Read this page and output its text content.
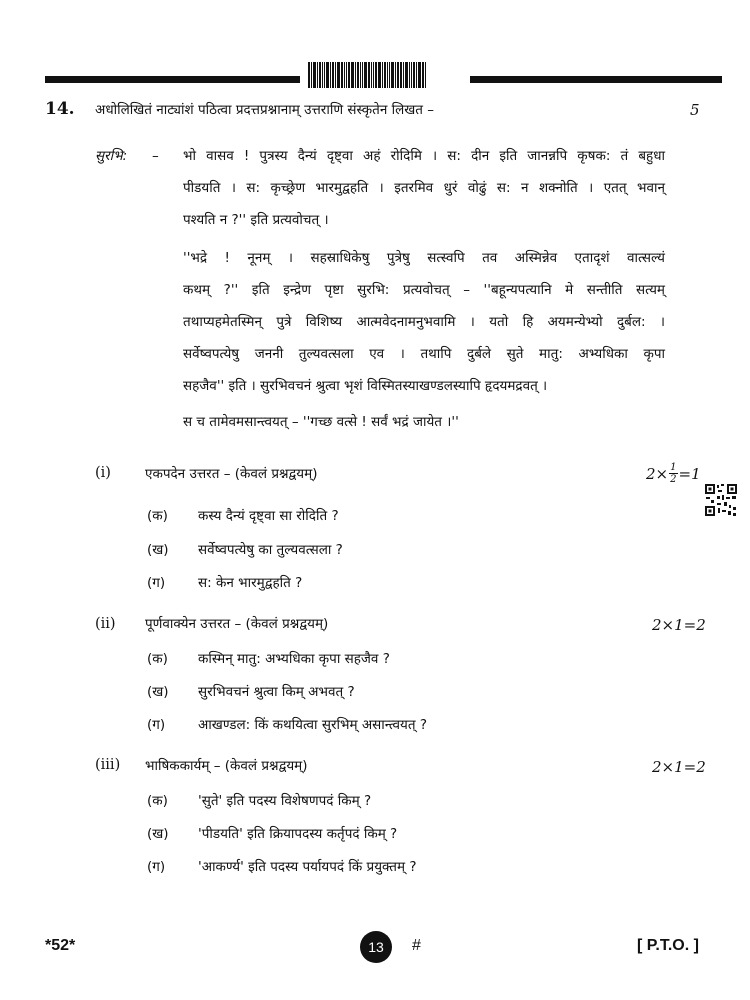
14. अधोलिखितं नाट्यांशं पठित्वा प्रदत्तप्रश्नानाम् उत्तराणि संस्कृतेन लिखत –	5
सुरभि: – भो वासव ! पुत्रस्य दैन्यं दृष्ट्वा अहं रोदिमि । स: दीन इति जानन्नपि कृषक: तं बहुधा
पीडयति । स: कृच्छ्रेण भारमुद्वहति । इतरमिव धुरं वोढुं स: न शक्नोति । एतत् भवान्
पश्यति न ?'' इति प्रत्यवोचत् ।
''भद्रे ! नूनम् । सहस्राधिकेषु पुत्रेषु सत्स्वपि तव अस्मिन्नेव एतादृशं वात्सल्यं
कथम् ?'' इति इन्द्रेण पृष्टा सुरभि: प्रत्यवोचत् – ''बहून्यपत्यानि मे सन्तीति सत्यम्
तथाप्यहमेतस्मिन् पुत्रे विशिष्य आत्मवेदनामनुभवामि । यतो हि अयमन्येभ्यो दुर्बल: ।
सर्वेष्वपत्येषु जननी तुल्यवत्सला एव । तथापि दुर्बले सुते मातु: अभ्यधिका कृपा
सहजैव'' इति । सुरभिवचनं श्रुत्वा भृशं विस्मितस्याखण्डलस्यापि हृदयमद्रवत् ।
स च तामेवमसान्त्वयत् – ''गच्छ वत्से ! सर्वं भद्रं जायेत ।''
(i)	एकपदेन उत्तरत – (केवलं प्रश्नद्वयम्)	$2\times \frac{1}{2} =1$
(क) कस्य दैन्यं दृष्ट्वा सा रोदिति ?
(ख) सर्वेष्वपत्येषु का तुल्यवत्सला ?
(ग) स: केन भारमुद्वहति ?
(ii) पूर्णवाक्येन उत्तरत – (केवलं प्रश्नद्वयम्)	2×1=2
(क) कस्मिन् मातु: अभ्यधिका कृपा सहजैव ?
(ख) सुरभिवचनं श्रुत्वा किम् अभवत् ?
(ग) आखण्डल: किं कथयित्वा सुरभिम् असान्त्वयत् ?
(iii) भाषिककार्यम् – (केवलं प्रश्नद्वयम्)	2×1=2
(क) 'सुते' इति पदस्य विशेषणपदं किम् ?
(ख) 'पीडयति' इति क्रियापदस्य कर्तृपदं किम् ?
(ग) 'आकर्ण्य' इति पदस्य पर्यायपदं किं प्रयुक्तम् ?
*52*	13	#	[ P.T.O. ]
